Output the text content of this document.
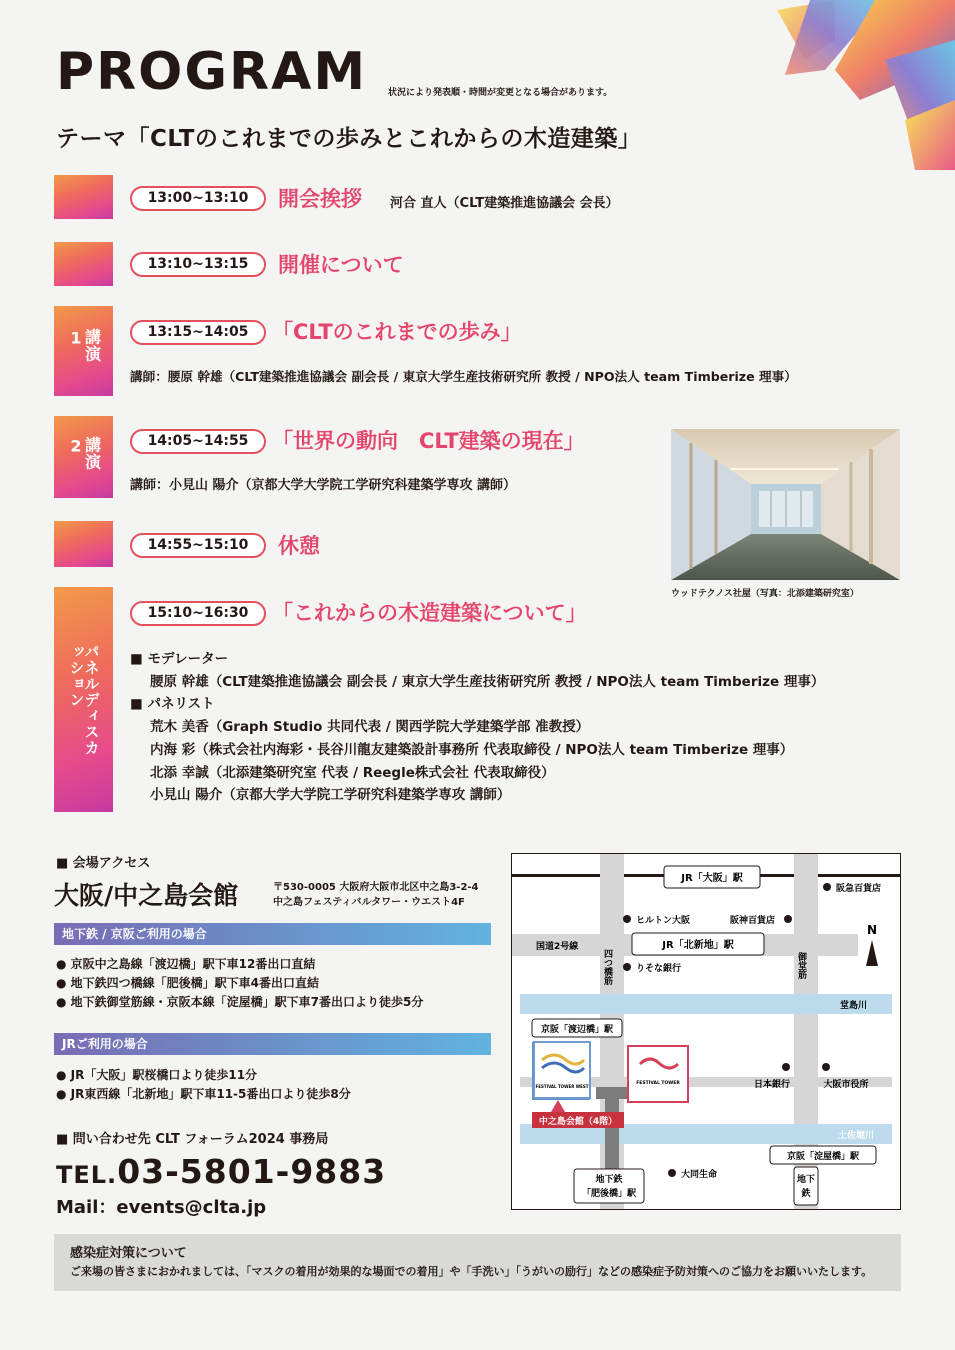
PROGRAM 状況により発表順・時間が変更となる場合があります。
テーマ「CLTのこれまでの歩みとこれからの木造建築」
13:00~13:10	開会挨拶 河合 直人（CLT建築推進協議会 会長）
13:10~13:15	開催について
講演1	13:15~14:05	「CLTのこれまでの歩み」
講師：腰原 幹雄（CLT建築推進協議会 副会長 / 東京大学生産技術研究所 教授 / NPO法人 team Timberize 理事）
講演2	14:05~14:55	「世界の動向　CLT建築の現在」
講師：小見山 陽介（京都大学大学院工学研究科建築学専攻 講師）
14:55~15:10	休憩
パネルディスカッション
15:10~16:30	「これからの木造建築について」
ウッドテクノス社屋（写真：北添建築研究室）
■ モデレーター
腰原 幹雄（CLT建築推進協議会 副会長 / 東京大学生産技術研究所 教授 / NPO法人 team Timberize 理事）
■ パネリスト
荒木 美香（Graph Studio 共同代表 / 関西学院大学建築学部 准教授）
内海 彩（株式会社内海彩・長谷川龍友建築設計事務所 代表取締役 / NPO法人 team Timberize 理事）
北添 幸誠（北添建築研究室 代表 / Reegle株式会社 代表取締役）
小見山 陽介（京都大学大学院工学研究科建築学専攻 講師）
■ 会場アクセス
大阪/中之島会館	〒530-0005 大阪府大阪市北区中之島3-2-4
中之島フェスティバルタワー・ウエスト4F
地下鉄 / 京阪ご利用の場合
● 京阪中之島線「渡辺橋」駅下車12番出口直結
● 地下鉄四つ橋線「肥後橋」駅下車4番出口直結
● 地下鉄御堂筋線・京阪本線「淀屋橋」駅下車7番出口より徒歩5分
JRご利用の場合
● JR「大阪」駅桜橋口より徒歩11分
● JR東西線「北新地」駅下車11-5番出口より徒歩8分
■ 問い合わせ先 CLT フォーラム2024 事務局
TEL.03-5801-9883
Mail：events@clta.jp
JR「大阪」駅
阪急百貨店
ヒルトン大阪	阪神百貨店
国道2号線	JR「北新地」駅
四つ橋筋	御堂筋
りそな銀行
N
堂島川
京阪「渡辺橋」駅
FESTIVAL TOWER WEST
FESTIVAL TOWER	日本銀行	大阪市役所
中之島会館（4階）
土佐堀川
京阪「淀屋橋」駅
大同生命
地下鉄
「肥後橋」駅
地下
鉄
感染症対策について
ご来場の皆さまにおかれましては、「マスクの着用が効果的な場面での着用」や「手洗い」「うがいの励行」などの感染症予防対策へのご協力をお願いいたします。
